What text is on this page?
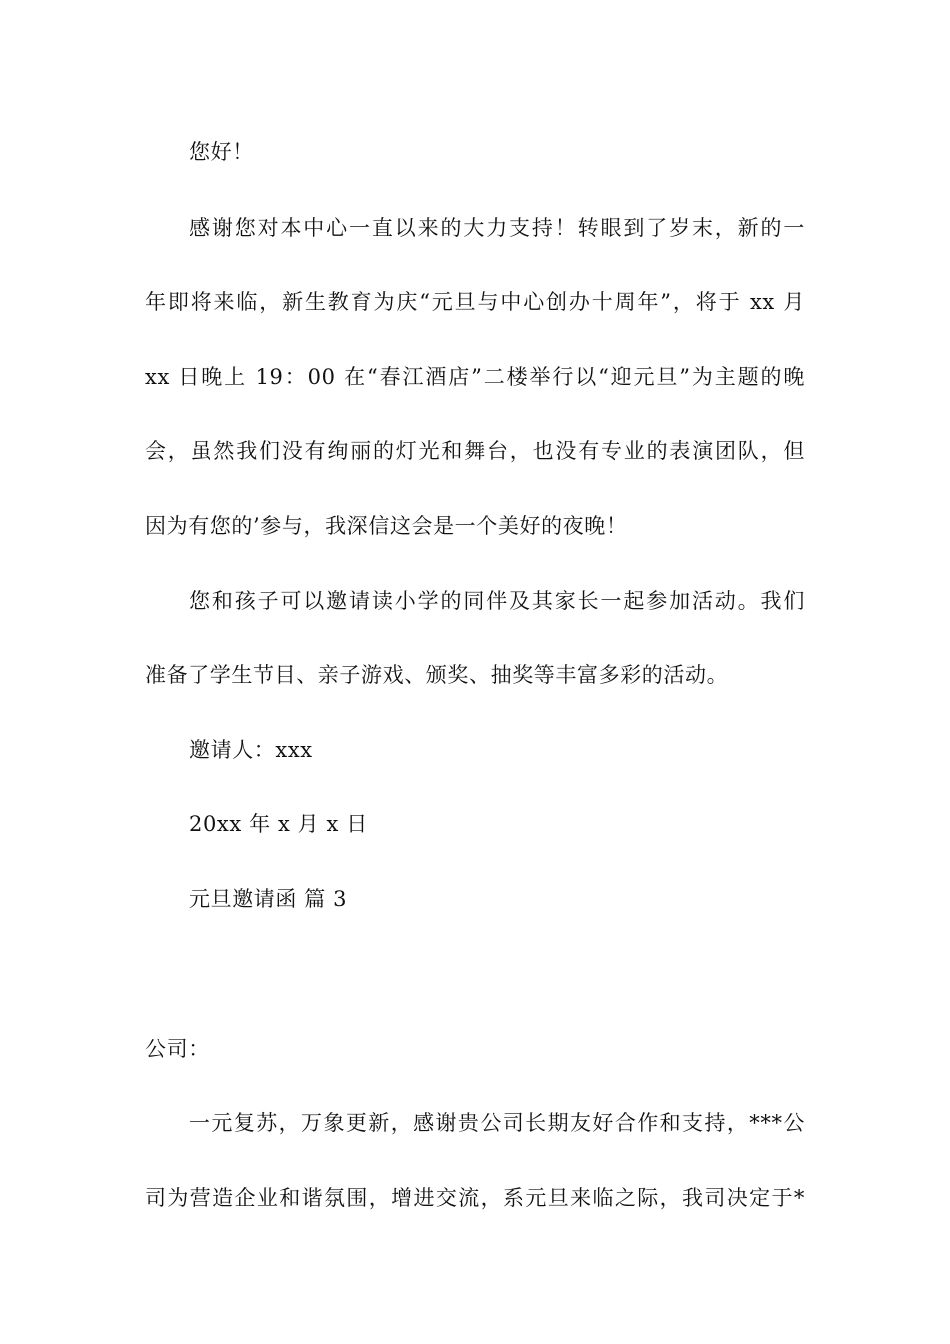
您好！
感谢您对本中心一直以来的大力支持！转眼到了岁末，新的一
年即将来临，新生教育为庆“元旦与中心创办十周年”，将于 xx 月
xx 日晚上 19：00 在“春江酒店”二楼举行以“迎元旦”为主题的晚
会，虽然我们没有绚丽的灯光和舞台，也没有专业的表演团队，但
因为有您的’参与，我深信这会是一个美好的夜晚！
您和孩子可以邀请读小学的同伴及其家长一起参加活动。我们
准备了学生节目、亲子游戏、颁奖、抽奖等丰富多彩的活动。
邀请人：xxx
20xx 年 x 月 x 日
元旦邀请函 篇 3
公司：
一元复苏，万象更新，感谢贵公司长期友好合作和支持，***公
司为营造企业和谐氛围，增进交流，系元旦来临之际，我司决定于*
